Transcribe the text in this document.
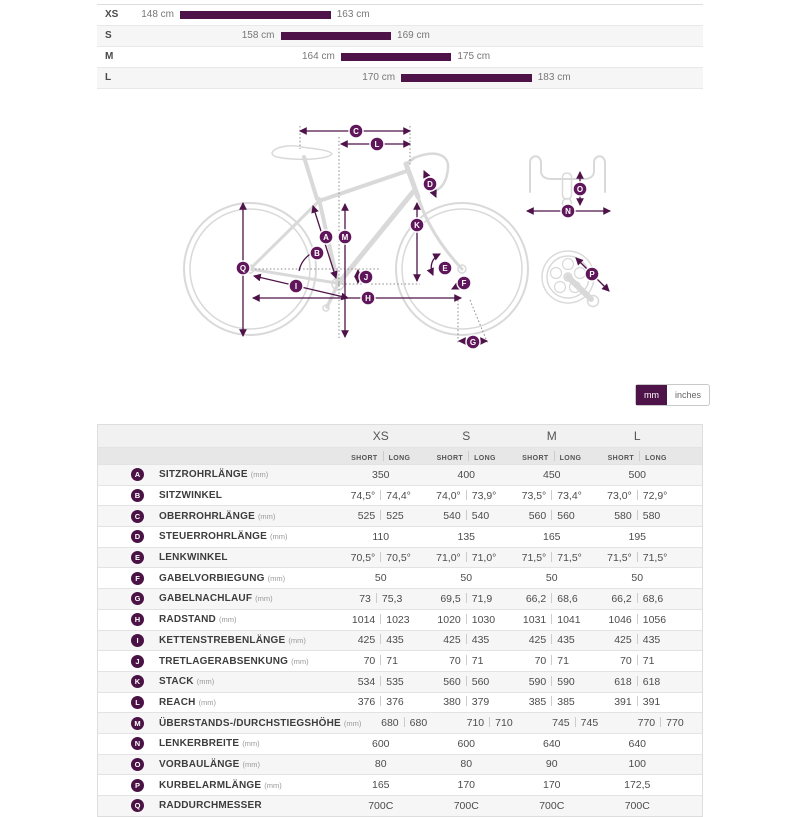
XS 148 cm	163 cm
S	158 cm	169 cm
M	164 cm	175 cm
L	170 cm	183 cm
A
B
C
D
E
F
G
H
I
J
K
L
M
N
O
P
Q
mm	inches
XS	S	M	L
SHORT LONG	SHORT LONG	SHORT LONG	SHORT LONG
A	SITZROHRLÄNGE (mm)	350	400	450	500
B	SITZWINKEL	74,5° 74,4°	74,0° 73,9°	73,5° 73,4°	73,0° 72,9°
C	OBERROHRLÄNGE (mm)	525 525	540 540	560 560	580 580
D	STEUERROHRLÄNGE (mm)	110	135	165	195
E	LENKWINKEL	70,5° 70,5°	71,0° 71,0°	71,5° 71,5°	71,5° 71,5°
F	GABELVORBIEGUNG (mm)	50	50	50	50
G	GABELNACHLAUF (mm)	73 75,3	69,5 71,9	66,2 68,6	66,2 68,6
H	RADSTAND (mm)	1014 1023	1020 1030	1031 1041	1046 1056
I	KETTENSTREBENLÄNGE (mm)	425 435	425 435	425 435	425 435
J	TRETLAGERABSENKUNG (mm)	70 71	70 71	70 71	70 71
K	STACK (mm)	534 535	560 560	590 590	618 618
L	REACH (mm)	376 376	380 379	385 385	391 391
M	ÜBERSTANDS-/DURCHSTIEGSHÖHE (mm)	680 680	710 710	745 745	770 770
N	LENKERBREITE (mm)	600	600	640	640
O	VORBAULÄNGE (mm)	80	80	90	100
P	KURBELARMLÄNGE (mm)	165	170	170	172,5
Q	RADDURCHMESSER	700C	700C	700C	700C
